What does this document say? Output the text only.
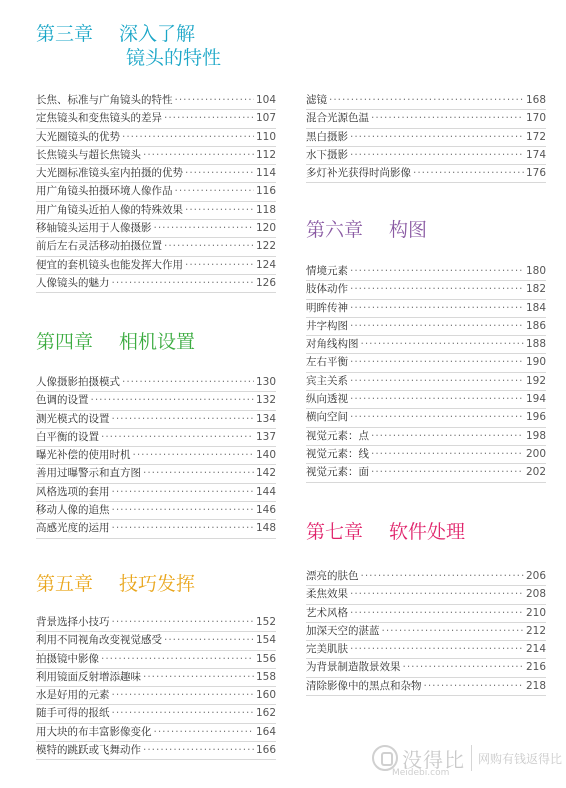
第三章 深入了解
镜头的特性
长焦、标准与广角镜头的特性 ·····	104
定焦镜头和变焦镜头的差异 ·····	107
大光圈镜头的优势 ·····	110
长焦镜头与超长焦镜头 ·····	112
大光圈标准镜头室内拍摄的优势 ·····	114
用广角镜头拍摄环境人像作品 ·····	116
用广角镜头近拍人像的特殊效果 ·····	118
移轴镜头运用于人像摄影 ·····	120
前后左右灵活移动拍摄位置 ·····	122
便宜的套机镜头也能发挥大作用 ·····	124
人像镜头的魅力 ·····	126
第四章 相机设置
人像摄影拍摄模式 ·····	130
色调的设置 ·····	132
测光模式的设置 ·····	134
白平衡的设置 ·····	137
曝光补偿的使用时机 ·····	140
善用过曝警示和直方图 ·····	142
风格选项的套用 ·····	144
移动人像的追焦 ·····	146
高感光度的运用 ·····	148
第五章 技巧发挥
背景选择小技巧 ·····	152
利用不同视角改变视觉感受 ·····	154
拍摄镜中影像 ·····	156
利用镜面反射增添趣味 ·····	158
水是好用的元素 ·····	160
随手可得的报纸 ·····	162
用大块的布丰富影像变化 ·····	164
模特的跳跃或飞舞动作 ·····	166
滤镜 ·····	168
混合光源色温 ·····	170
黑白摄影 ·····	172
水下摄影 ·····	174
多灯补光获得时尚影像 ·····	176
第六章 构图
情境元素 ·····	180
肢体动作 ·····	182
明眸传神 ·····	184
井字构图 ·····	186
对角线构图 ·····	188
左右平衡 ·····	190
宾主关系 ·····	192
纵向透视 ·····	194
横向空间 ·····	196
视觉元素：点 ·····	198
视觉元素：线 ·····	200
视觉元素：面 ·····	202
第七章 软件处理
漂亮的肤色 ·····	206
柔焦效果 ·····	208
艺术风格 ·····	210
加深天空的湛蓝 ·····	212
完美肌肤 ·····	214
为背景制造散景效果 ·····	216
清除影像中的黑点和杂物 ·····	218
没得比 网购有钱返得比
Meidebi.com
